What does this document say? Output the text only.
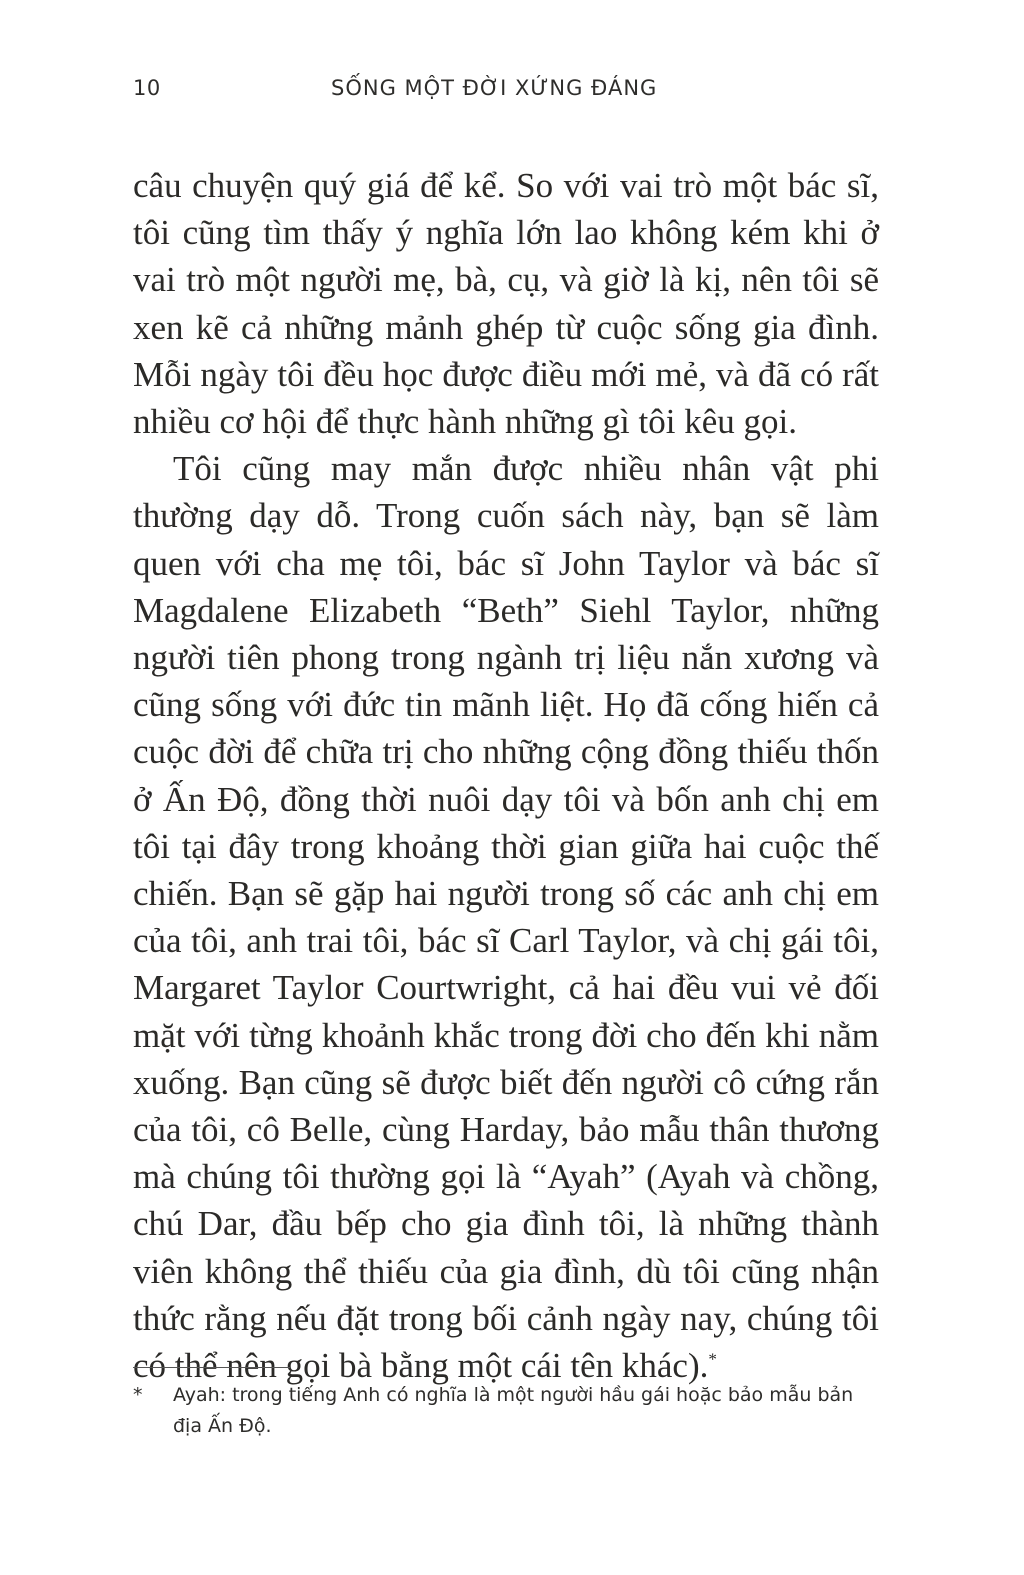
10	SỐNG MỘT ĐỜI XỨNG ĐÁNG

câu chuyện quý giá để kể. So với vai trò một bác sĩ, tôi cũng tìm thấy ý nghĩa lớn lao không kém khi ở vai trò một người mẹ, bà, cụ, và giờ là kị, nên tôi sẽ xen kẽ cả những mảnh ghép từ cuộc sống gia đình. Mỗi ngày tôi đều học được điều mới mẻ, và đã có rất nhiều cơ hội để thực hành những gì tôi kêu gọi.

Tôi cũng may mắn được nhiều nhân vật phi thường dạy dỗ. Trong cuốn sách này, bạn sẽ làm quen với cha mẹ tôi, bác sĩ John Taylor và bác sĩ Magdalene Elizabeth “Beth” Siehl Taylor, những người tiên phong trong ngành trị liệu nắn xương và cũng sống với đức tin mãnh liệt. Họ đã cống hiến cả cuộc đời để chữa trị cho những cộng đồng thiếu thốn ở Ấn Độ, đồng thời nuôi dạy tôi và bốn anh chị em tôi tại đây trong khoảng thời gian giữa hai cuộc thế chiến. Bạn sẽ gặp hai người trong số các anh chị em của tôi, anh trai tôi, bác sĩ Carl Taylor, và chị gái tôi, Margaret Taylor Courtwright, cả hai đều vui vẻ đối mặt với từng khoảnh khắc trong đời cho đến khi nằm xuống. Bạn cũng sẽ được biết đến người cô cứng rắn của tôi, cô Belle, cùng Harday, bảo mẫu thân thương mà chúng tôi thường gọi là “Ayah” (Ayah và chồng, chú Dar, đầu bếp cho gia đình tôi, là những thành viên không thể thiếu của gia đình, dù tôi cũng nhận thức rằng nếu đặt trong bối cảnh ngày nay, chúng tôi có thể nên gọi bà bằng một cái tên khác).*

* Ayah: trong tiếng Anh có nghĩa là một người hầu gái hoặc bảo mẫu bản địa Ấn Độ.
